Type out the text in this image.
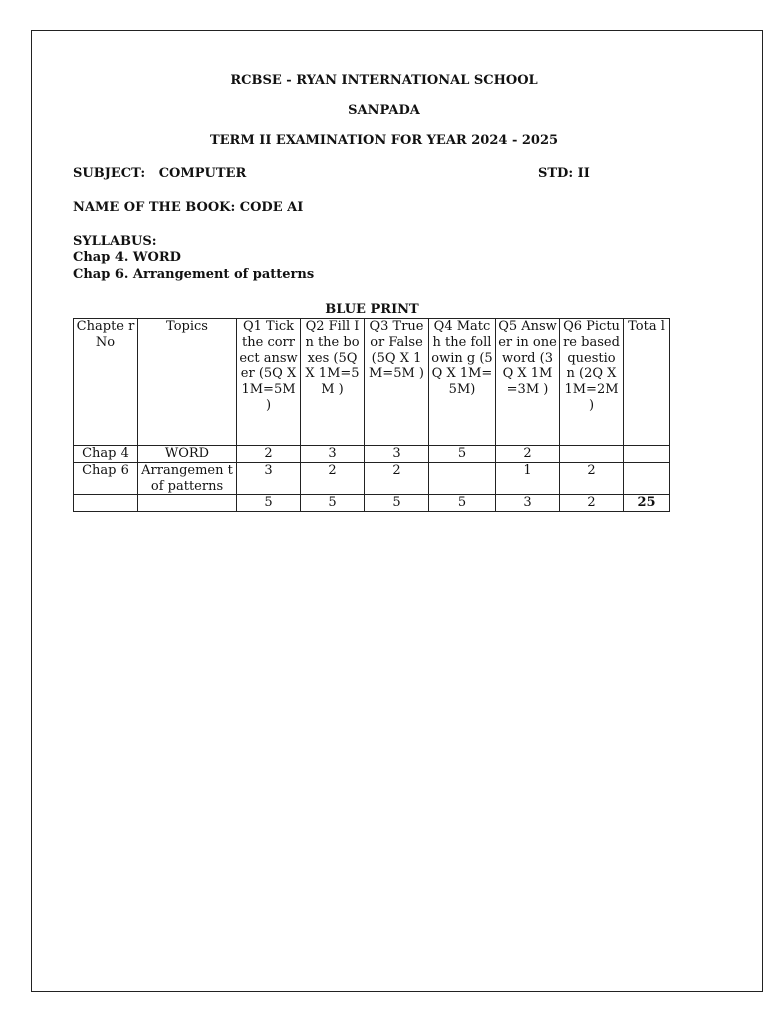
RCBSE - RYAN INTERNATIONAL SCHOOL
SANPADA
TERM II EXAMINATION FOR YEAR 2024 - 2025
SUBJECT:   COMPUTER	STD: II
NAME OF THE BOOK: CODE AI
SYLLABUS:
Chap 4. WORD
Chap 6. Arrangement of patterns
BLUE PRINT
Chapte r No	Topics	Q1 Tick the correct answer (5Q X 1M=5M )	Q2 Fill In the boxes (5Q X 1M=5M )	Q3 True or False (5Q X 1M=5M )	Q4 Match the followin g (5Q X 1M=5M)	Q5 Answer in one word (3Q X 1M=3M )	Q6 Picture based questio n (2Q X 1M=2M )	Tota l
Chap 4	WORD	2	3	3	5	2		
Chap 6	Arrangemen t of patterns	3	2	2		1	2	
		5	5	5	5	3	2	25
